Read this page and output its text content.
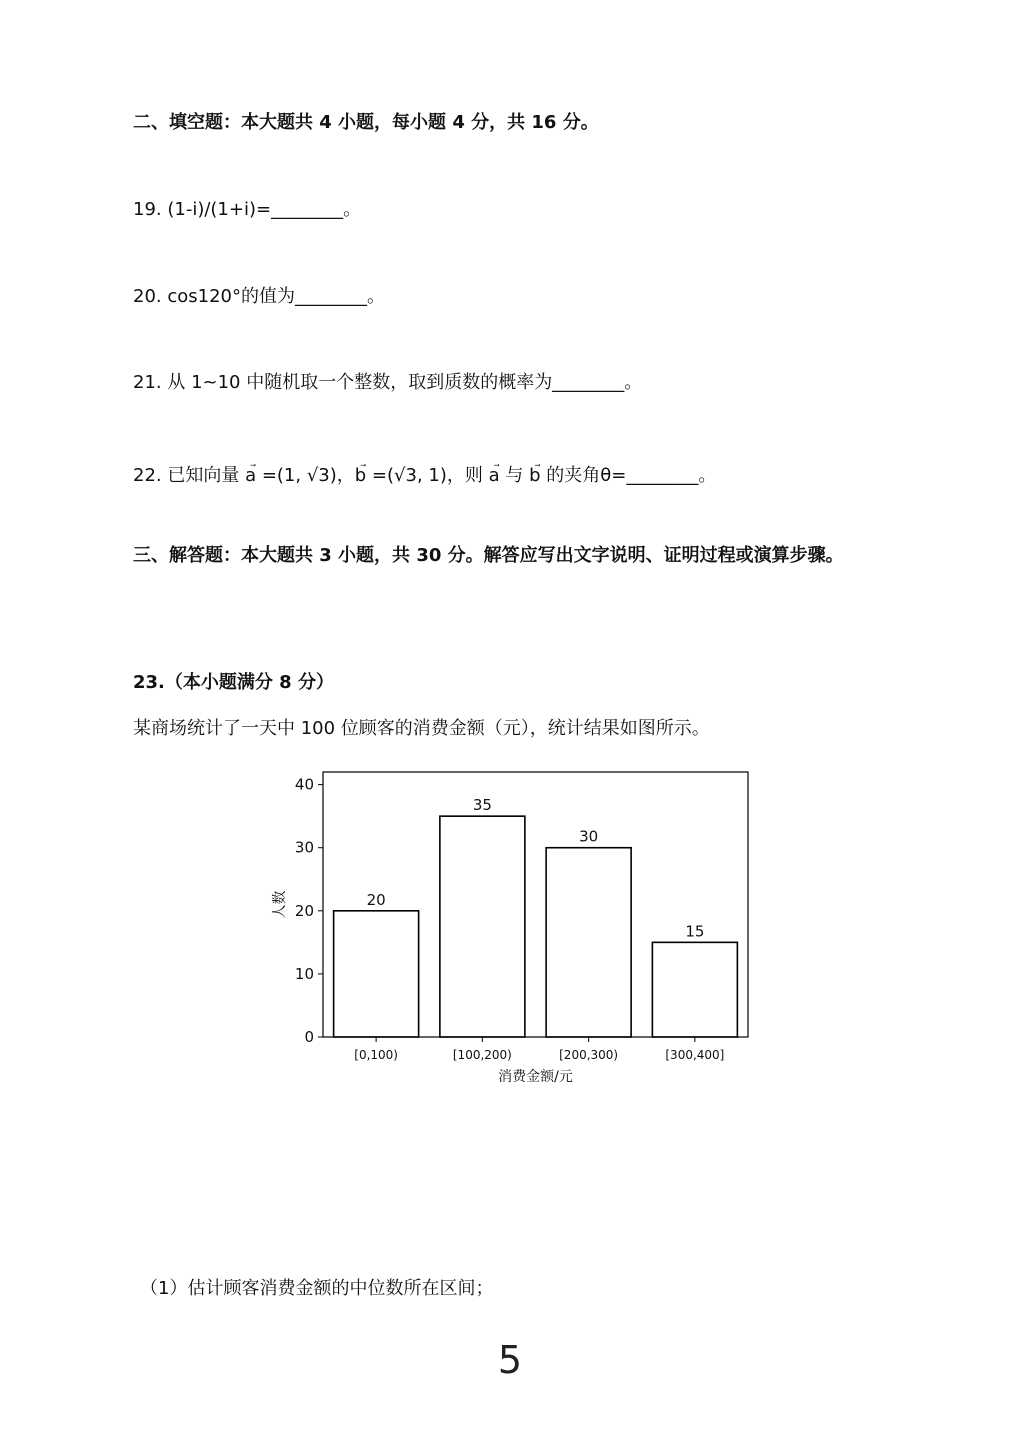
二、填空题：本大题共 4 小题，每小题 4 分，共 16 分。
19. (1-i)/(1+i)=________。
20. cos120°的值为________。
21. 从 1~10 中随机取一个整数，取到质数的概率为________。
22. 已知向量 a =(1, √3)，b =(√3, 1)，则 a 与 b 的夹角θ=________。
三、解答题：本大题共 3 小题，共 30 分。解答应写出文字说明、证明过程或演算步骤。
23.（本小题满分 8 分）
某商场统计了一天中 100 位顾客的消费金额（元），统计结果如图所示。
20
[0,100)
35
[100,200)
30
[200,300)
15
[300,400]
0
10
20
30
40
消费金额/元
人数
（1）估计顾客消费金额的中位数所在区间；
5
